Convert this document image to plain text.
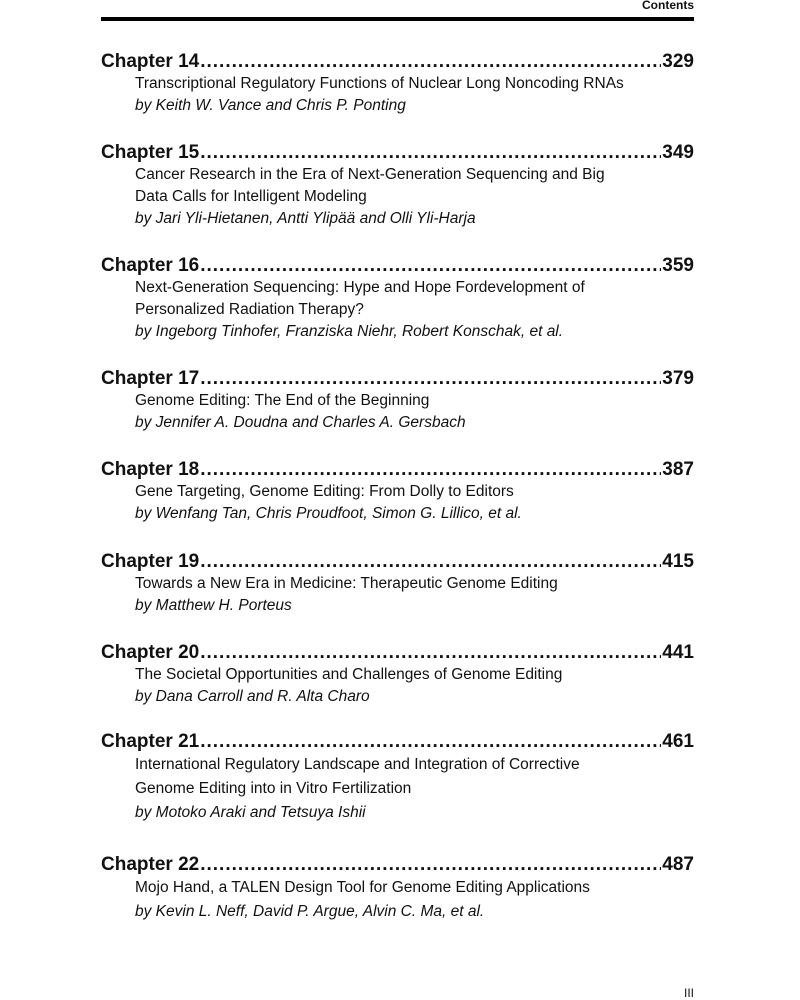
Contents
Chapter 14 .....	329
Transcriptional Regulatory Functions of Nuclear Long Noncoding RNAs
by Keith W. Vance and Chris P. Ponting
Chapter 15 .....	349
Cancer Research in the Era of Next-Generation Sequencing and Big
Data Calls for Intelligent Modeling
by Jari Yli-Hietanen, Antti Ylipää and Olli Yli-Harja
Chapter 16 .....	359
Next-Generation Sequencing: Hype and Hope Fordevelopment of
Personalized Radiation Therapy?
by Ingeborg Tinhofer, Franziska Niehr, Robert Konschak, et al.
Chapter 17 .....	379
Genome Editing: The End of the Beginning
by Jennifer A. Doudna and Charles A. Gersbach
Chapter 18 .....	387
Gene Targeting, Genome Editing: From Dolly to Editors
by Wenfang Tan, Chris Proudfoot, Simon G. Lillico, et al.
Chapter 19 .....	415
Towards a New Era in Medicine: Therapeutic Genome Editing
by Matthew H. Porteus
Chapter 20 .....	441
The Societal Opportunities and Challenges of Genome Editing
by Dana Carroll and R. Alta Charo
Chapter 21 .....	461
International Regulatory Landscape and Integration of Corrective
Genome Editing into in Vitro Fertilization
by Motoko Araki and Tetsuya Ishii
Chapter 22 .....	487
Mojo Hand, a TALEN Design Tool for Genome Editing Applications
by Kevin L. Neff, David P. Argue, Alvin C. Ma, et al.
III
